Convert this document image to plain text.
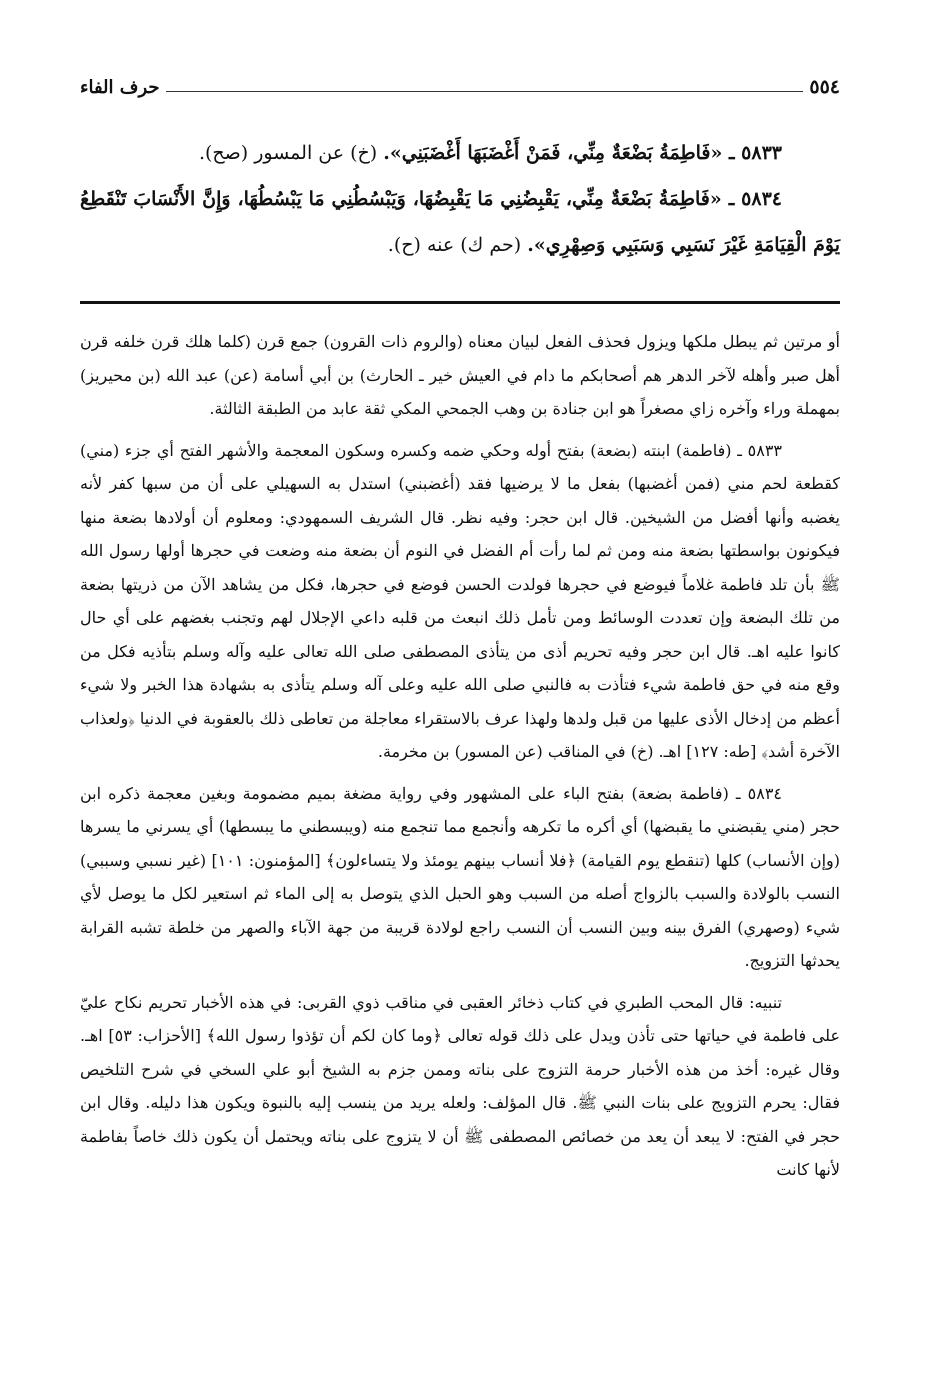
٥٥٤
حرف الفاء

٥٨٣٣ ـ «فَاطِمَةُ بَضْعَةٌ مِنِّي، فَمَنْ أَغْضَبَهَا أَغْضَبَنِي». (خ) عن المسور (صح).

٥٨٣٤ ـ «فَاطِمَةُ بَضْعَةٌ مِنِّي، يَقْبِضُنِي مَا يَقْبِضُهَا، وَيَبْسُطُنِي مَا يَبْسُطُهَا، وَإِنَّ الأَنْسَابَ تَنْقَطِعُ يَوْمَ الْقِيَامَةِ غَيْرَ نَسَبِي وَسَبَبِي وَصِهْرِي». (حم ك) عنه (ح).

أو مرتين ثم يبطل ملكها ويزول فحذف الفعل لبيان معناه (والروم ذات القرون) جمع قرن (كلما هلك قرن خلفه قرن أهل صبر وأهله لآخر الدهر هم أصحابكم ما دام في العيش خير ـ الحارث) بن أبي أسامة (عن) عبد الله (بن محيريز) بمهملة وراء وآخره زاي مصغراً هو ابن جنادة بن وهب الجمحي المكي ثقة عابد من الطبقة الثالثة.

٥٨٣٣ ـ (فاطمة) ابنته (بضعة) بفتح أوله وحكي ضمه وكسره وسكون المعجمة والأشهر الفتح أي جزء (مني) كقطعة لحم مني (فمن أغضبها) بفعل ما لا يرضيها فقد (أغضبني) استدل به السهيلي على أن من سبها كفر لأنه يغضبه وأنها أفضل من الشيخين. قال ابن حجر: وفيه نظر. قال الشريف السمهودي: ومعلوم أن أولادها بضعة منها فيكونون بواسطتها بضعة منه ومن ثم لما رأت أم الفضل في النوم أن بضعة منه وضعت في حجرها أولها رسول الله ﷺ بأن تلد فاطمة غلاماً فيوضع في حجرها فولدت الحسن فوضع في حجرها، فكل من يشاهد الآن من ذريتها بضعة من تلك البضعة وإن تعددت الوسائط ومن تأمل ذلك انبعث من قلبه داعي الإجلال لهم وتجنب بغضهم على أي حال كانوا عليه اهـ. قال ابن حجر وفيه تحريم أذى من يتأذى المصطفى صلى الله تعالى عليه وآله وسلم بتأذيه فكل من وقع منه في حق فاطمة شيء فتأذت به فالنبي صلى الله عليه وعلى آله وسلم يتأذى به بشهادة هذا الخبر ولا شيء أعظم من إدخال الأذى عليها من قبل ولدها ولهذا عرف بالاستقراء معاجلة من تعاطى ذلك بالعقوبة في الدنيا ﴿ولعذاب الآخرة أشد﴾ [طه: ١٢٧] اهـ. (خ) في المناقب (عن المسور) بن مخرمة.

٥٨٣٤ ـ (فاطمة بضعة) بفتح الباء على المشهور وفي رواية مضغة بميم مضمومة وبغين معجمة ذكره ابن حجر (مني يقبضني ما يقبضها) أي أكره ما تكرهه وأنجمع مما تنجمع منه (ويبسطني ما يبسطها) أي يسرني ما يسرها (وإن الأنساب) كلها (تنقطع يوم القيامة) ﴿فلا أنساب بينهم يومئذ ولا يتساءلون﴾ [المؤمنون: ١٠١] (غير نسبي وسببي) النسب بالولادة والسبب بالزواج أصله من السبب وهو الحبل الذي يتوصل به إلى الماء ثم استعير لكل ما يوصل لأي شيء (وصهري) الفرق بينه وبين النسب أن النسب راجع لولادة قريبة من جهة الآباء والصهر من خلطة تشبه القرابة يحدثها التزويج.

تنبيه: قال المحب الطبري في كتاب ذخائر العقبى في مناقب ذوي القربى: في هذه الأخبار تحريم نكاح عليّ على فاطمة في حياتها حتى تأذن ويدل على ذلك قوله تعالى ﴿وما كان لكم أن تؤذوا رسول الله﴾ [الأحزاب: ٥٣] اهـ. وقال غيره: أخذ من هذه الأخبار حرمة التزوج على بناته وممن جزم به الشيخ أبو علي السخي في شرح التلخيص فقال: يحرم التزويج على بنات النبي ﷺ. قال المؤلف: ولعله يريد من ينسب إليه بالنبوة ويكون هذا دليله. وقال ابن حجر في الفتح: لا يبعد أن يعد من خصائص المصطفى ﷺ أن لا يتزوج على بناته ويحتمل أن يكون ذلك خاصاً بفاطمة لأنها كانت
